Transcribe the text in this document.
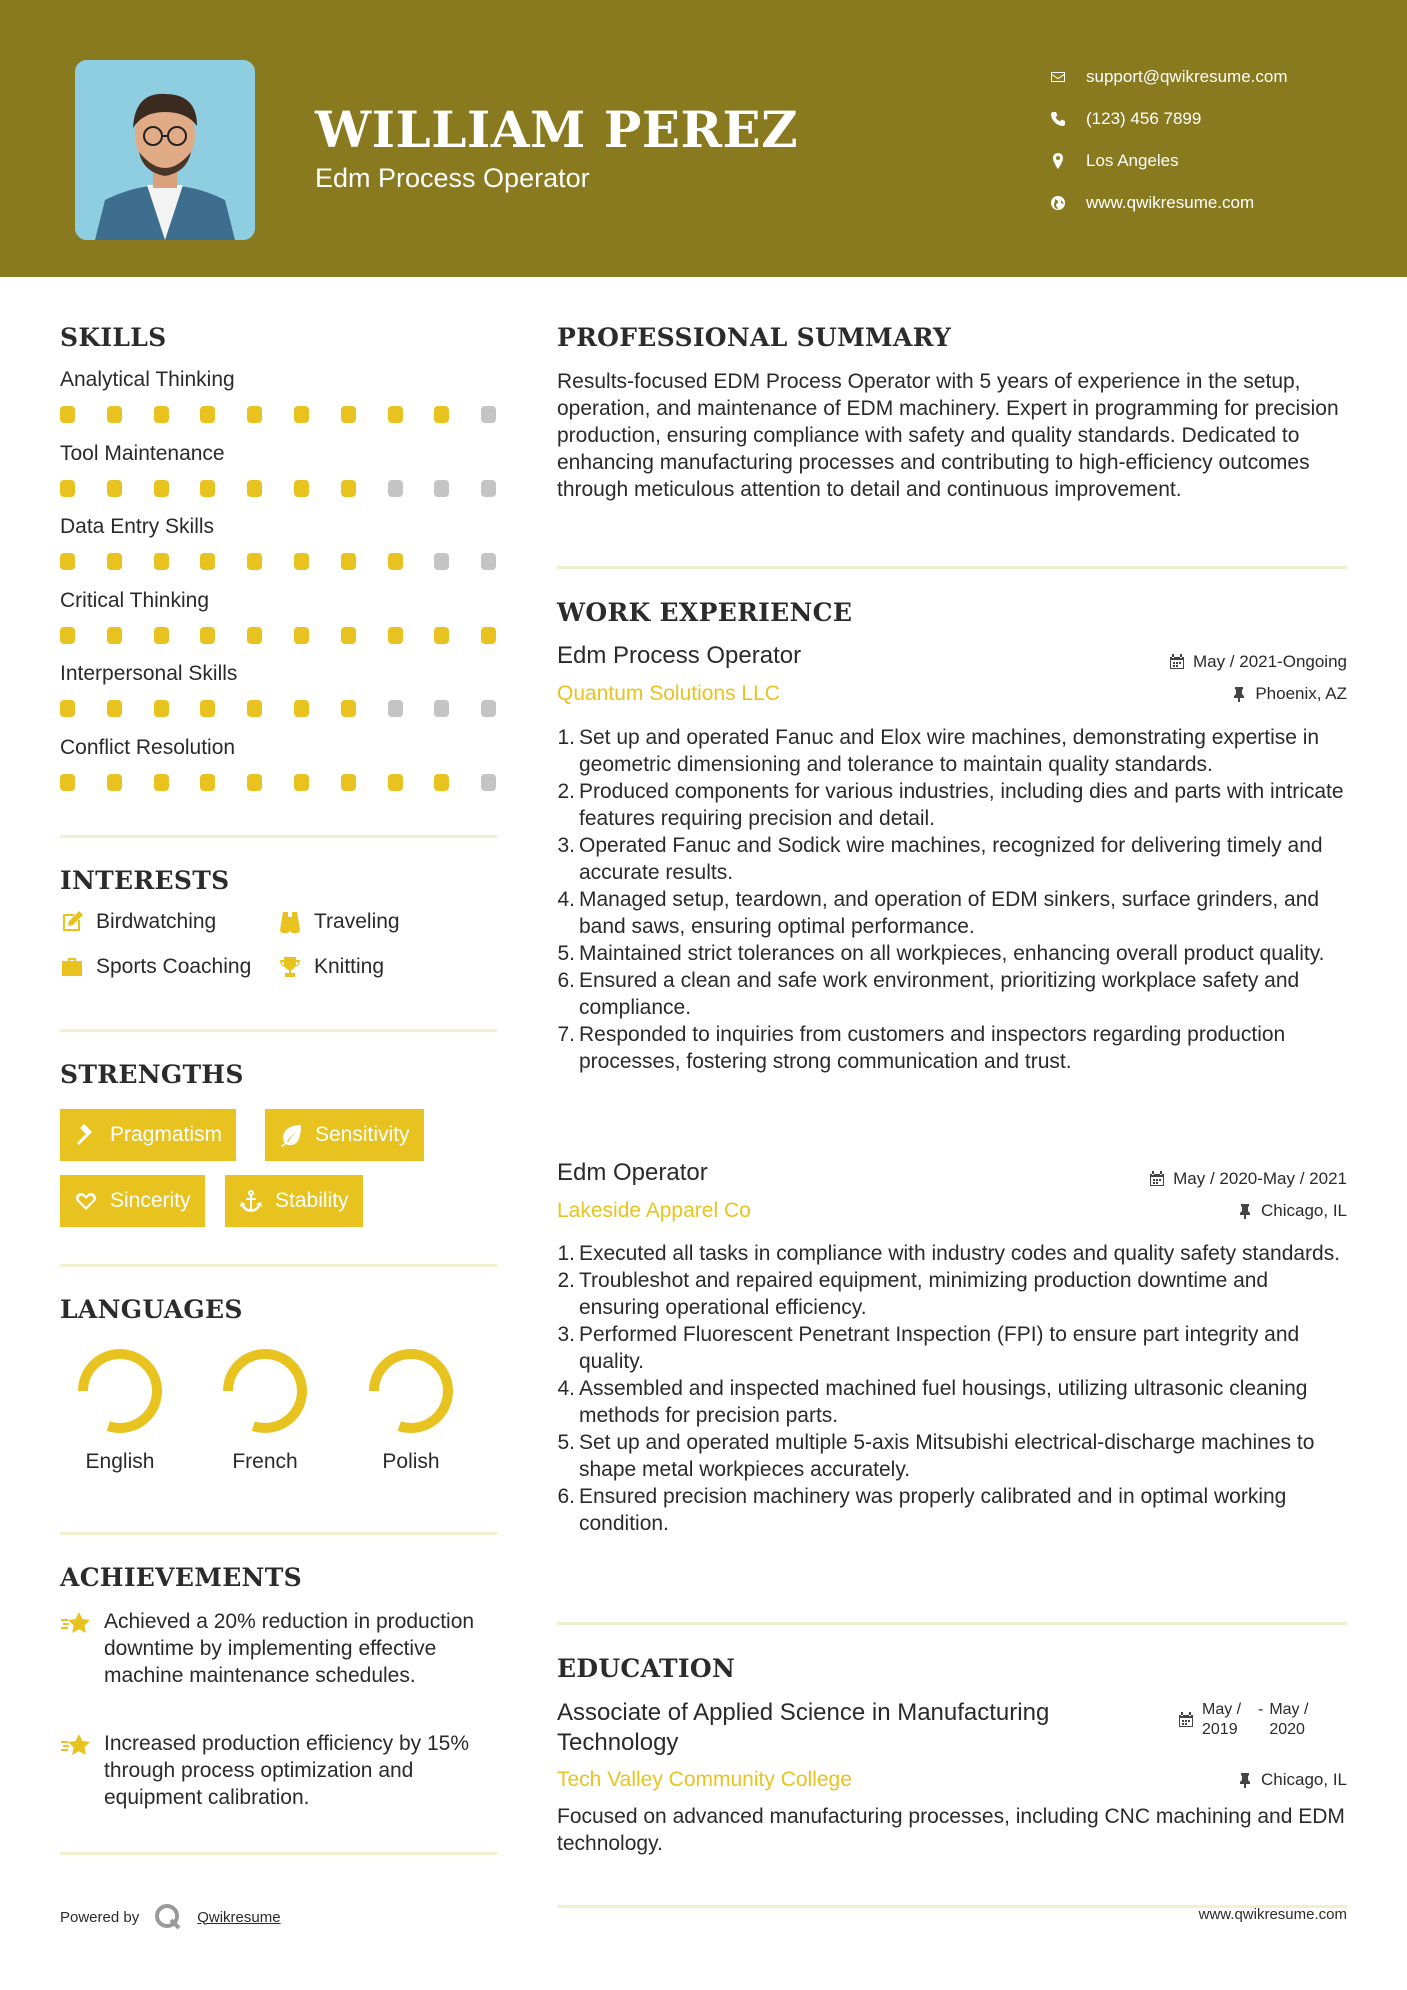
WILLIAM PEREZ
Edm Process Operator
support@qwikresume.com
(123) 456 7899
Los Angeles
www.qwikresume.com
SKILLS
Analytical Thinking
Tool Maintenance
Data Entry Skills
Critical Thinking
Interpersonal Skills
Conflict Resolution
INTERESTS
Birdwatching	Traveling
Sports Coaching	Knitting
STRENGTHS
Pragmatism	Sensitivity
Sincerity	Stability
LANGUAGES
English	French	Polish
ACHIEVEMENTS

Achieved a 20% reduction in production downtime by implementing effective machine maintenance schedules.

Increased production efficiency by 15% through process optimization and equipment calibration.

Powered by	Qwikresume
PROFESSIONAL SUMMARY
Results-focused EDM Process Operator with 5 years of experience in the setup, operation, and maintenance of EDM machinery. Expert in programming for precision production, ensuring compliance with safety and quality standards. Dedicated to enhancing manufacturing processes and contributing to high-efficiency outcomes through meticulous attention to detail and continuous improvement.
WORK EXPERIENCE
Edm Process Operator	May / 2021-Ongoing
Quantum Solutions LLC	Phoenix, AZ
1. Set up and operated Fanuc and Elox wire machines, demonstrating expertise in geometric dimensioning and tolerance to maintain quality standards.
2. Produced components for various industries, including dies and parts with intricate features requiring precision and detail.
3. Operated Fanuc and Sodick wire machines, recognized for delivering timely and accurate results.
4. Managed setup, teardown, and operation of EDM sinkers, surface grinders, and band saws, ensuring optimal performance.
5. Maintained strict tolerances on all workpieces, enhancing overall product quality.
6. Ensured a clean and safe work environment, prioritizing workplace safety and compliance.
7. Responded to inquiries from customers and inspectors regarding production processes, fostering strong communication and trust.
Edm Operator	May / 2020-May / 2021
Lakeside Apparel Co	Chicago, IL
1. Executed all tasks in compliance with industry codes and quality safety standards.
2. Troubleshot and repaired equipment, minimizing production downtime and ensuring operational efficiency.
3. Performed Fluorescent Penetrant Inspection (FPI) to ensure part integrity and quality.
4. Assembled and inspected machined fuel housings, utilizing ultrasonic cleaning methods for precision parts.
5. Set up and operated multiple 5-axis Mitsubishi electrical-discharge machines to shape metal workpieces accurately.
6. Ensured precision machinery was properly calibrated and in optimal working condition.
EDUCATION
Associate of Applied Science in Manufacturing Technology
May / 2019
- May / 2020
Tech Valley Community College	Chicago, IL
Focused on advanced manufacturing processes, including CNC machining and EDM technology.
www.qwikresume.com
